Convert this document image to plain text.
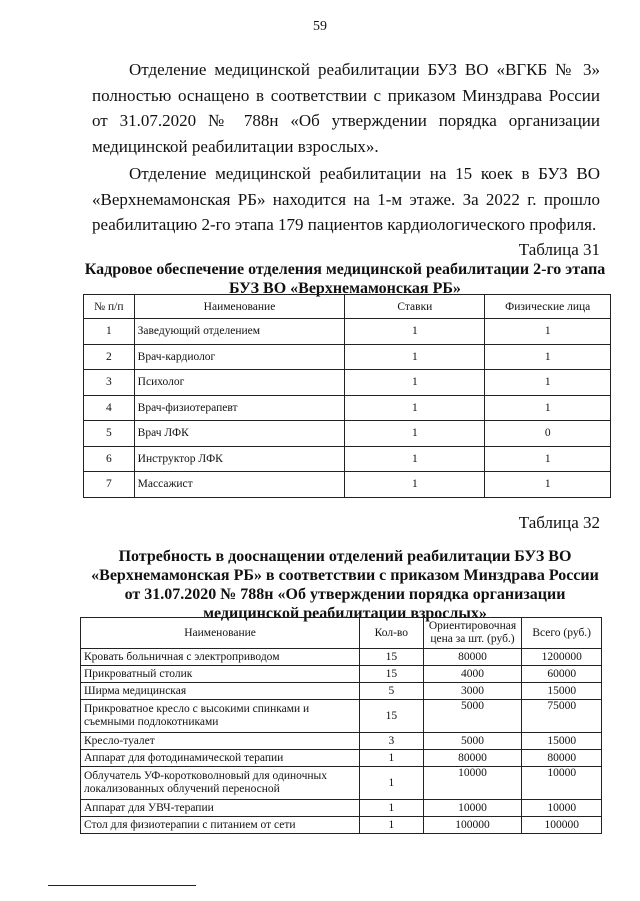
59

Отделение медицинской реабилитации БУЗ ВО «ВГКБ № 3» полностью оснащено в соответствии с приказом Минздрава России от 31.07.2020 № 788н «Об утверждении порядка организации медицинской реабилитации взрослых».

Отделение медицинской реабилитации на 15 коек в БУЗ ВО «Верхнемамонская РБ» находится на 1-м этаже. За 2022 г. прошло реабилитацию 2-го этапа 179 пациентов кардиологического профиля.

Таблица 31

Кадровое обеспечение отделения медицинской реабилитации 2-го этапа БУЗ ВО «Верхнемамонская РБ»

№ п/п	Наименование	Ставки	Физические лица
1	Заведующий отделением	1	1
2	Врач-кардиолог	1	1
3	Психолог	1	1
4	Врач-физиотерапевт	1	1
5	Врач ЛФК	1	0
6	Инструктор ЛФК	1	1
7	Массажист	1	1
Таблица 32

Потребность в дооснащении отделений реабилитации БУЗ ВО «Верхнемамонская РБ» в соответствии с приказом Минздрава России от 31.07.2020 № 788н «Об утверждении порядка организации медицинской реабилитации взрослых»

Наименование	Кол-во	Ориентировочная цена за шт. (руб.)	Всего (руб.)
Кровать больничная с электроприводом	15	80000	1200000
Прикроватный столик	15	4000	60000
Ширма медицинская	5	3000	15000
Прикроватное кресло с высокими спинками и съемными подлокотниками	15	5000	75000
Кресло-туалет	3	5000	15000
Аппарат для фотодинамической терапии	1	80000	80000
Облучатель УФ-коротковолновый для одиночных локализованных облучений переносной	1	10000	10000
Аппарат для УВЧ-терапии	1	10000	10000
Стол для физиотерапии с питанием от сети	1	100000	100000
